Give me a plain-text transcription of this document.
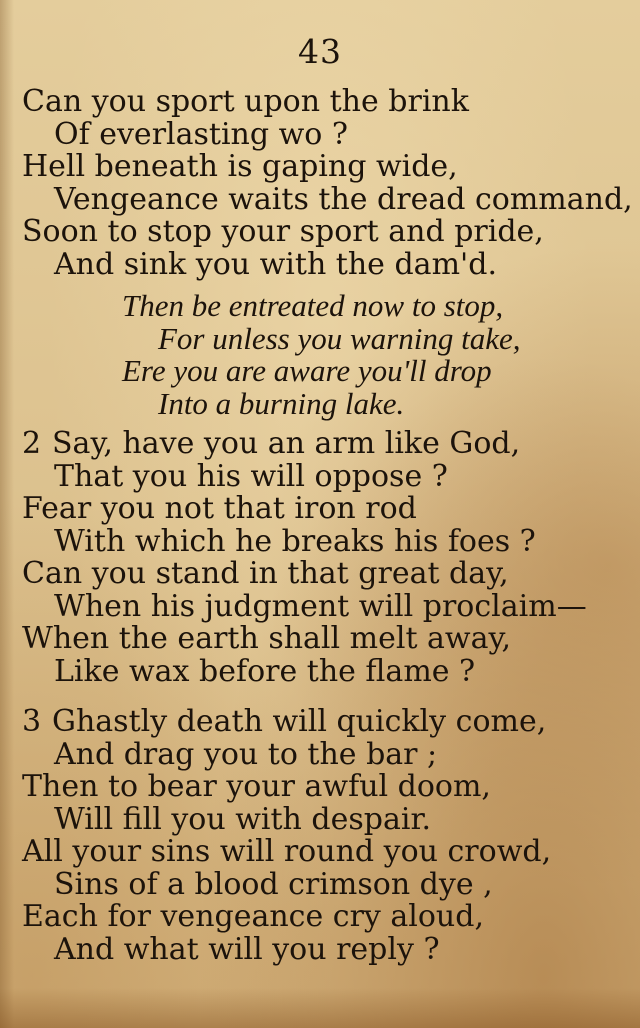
43
Can you sport upon the brink
Of everlasting wo ?
Hell beneath is gaping wide,
Vengeance waits the dread command,
Soon to stop your sport and pride,
And sink you with the dam'd.
Then be entreated now to stop,
For unless you warning take,
Ere you are aware you'll drop
Into a burning lake.
2 Say, have you an arm like God,
That you his will oppose ?
Fear you not that iron rod
With which he breaks his foes ?
Can you stand in that great day,
When his judgment will proclaim—
When the earth shall melt away,
Like wax before the flame ?
3 Ghastly death will quickly come,
And drag you to the bar ;
Then to bear your awful doom,
Will fill you with despair.
All your sins will round you crowd,
Sins of a blood crimson dye ,
Each for vengeance cry aloud,
And what will you reply ?
